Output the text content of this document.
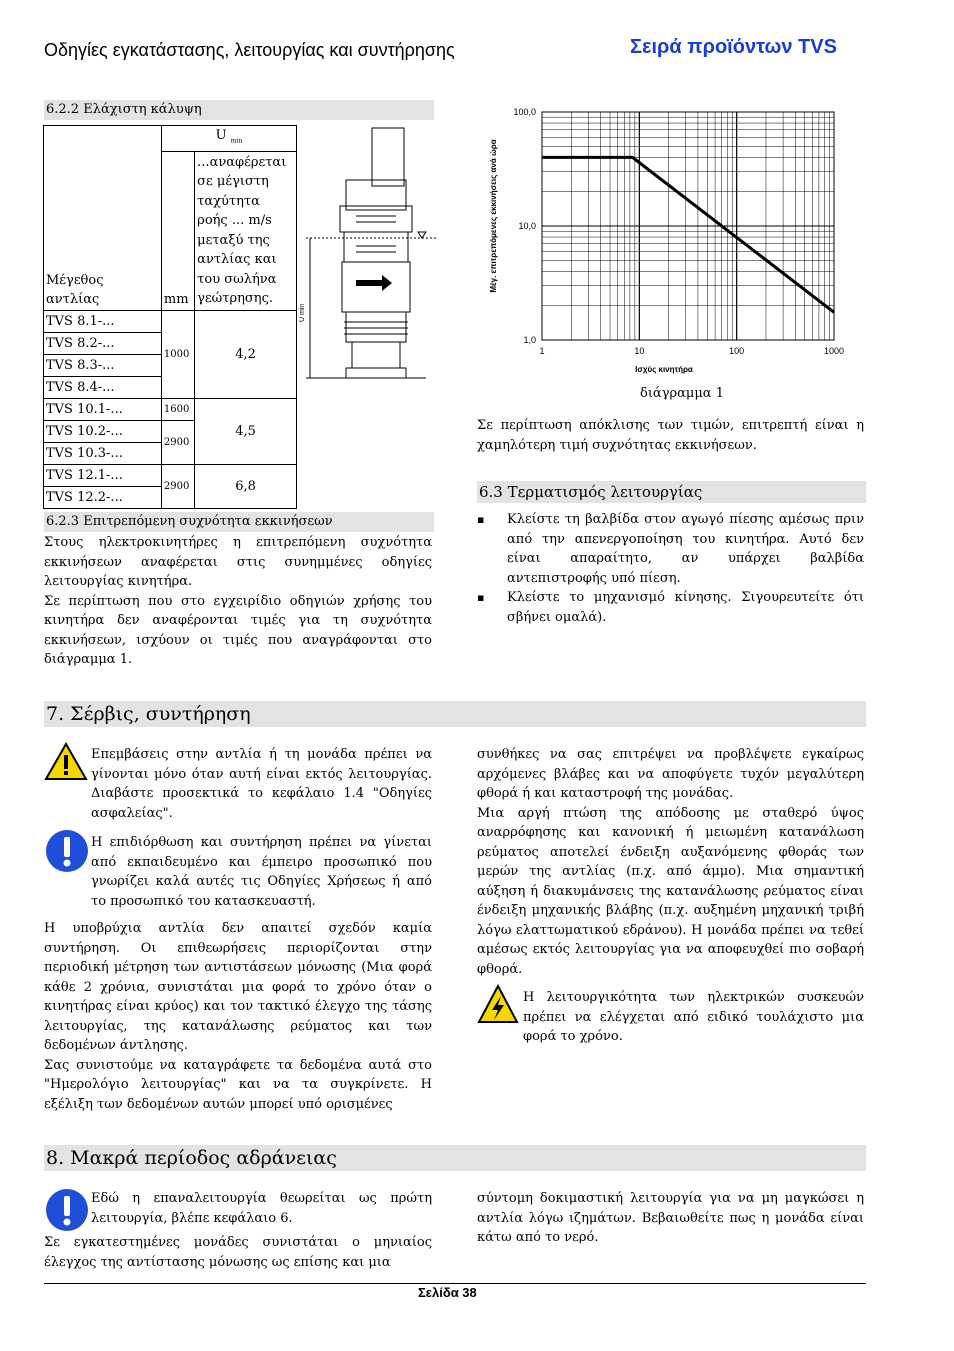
Οδηγίες εγκατάστασης, λειτουργίας και συντήρησης	Σειρά προϊόντων TVS
6.2.2 Ελάχιστη κάλυψη
Μέγεθος αντλίας	U $_{min}$
	mm	...αναφέρεται σε μέγιστη ταχύτητα ροής ... m/s μεταξύ της αντλίας και του σωλήνα γεώτρησης.
TVS 8.1-...	1000	4,2
TVS 8.2-...		
TVS 8.3-...		
TVS 8.4-...		
TVS 10.1-...	1600	4,5
TVS 10.2-...	2900	
TVS 10.3-...		
TVS 12.1-...	2900	6,8
TVS 12.2-...		
U min
1	10	100	1000
1,0
10,0
100,0
Ισχύς κινητήρα
Μέγ. επιτρεπόμενες εκκινήσεις ανά ώρα
διάγραμμα 1
Σε περίπτωση απόκλισης των τιμών, επιτρεπτή είναι η χαμηλότερη τιμή συχνότητας εκκινήσεων.
6.2.3 Επιτρεπόμενη συχνότητα εκκινήσεων

Στους ηλεκτροκινητήρες η επιτρεπόμενη συχνότητα εκκινήσεων αναφέρεται στις συνημμένες οδηγίες λειτουργίας κινητήρα.

Σε περίπτωση που στο εγχειρίδιο οδηγιών χρήσης του κινητήρα δεν αναφέρονται τιμές για τη συχνότητα εκκινήσεων, ισχύουν οι τιμές που αναγράφονται στο διάγραμμα 1.

6.3 Τερματισμός λειτουργίας
▪ Κλείστε τη βαλβίδα στον αγωγό πίεσης αμέσως πριν από την απενεργοποίηση του κινητήρα. Αυτό δεν είναι απαραίτητο, αν υπάρχει βαλβίδα αντεπιστροφής υπό πίεση.
▪ Κλείστε το μηχανισμό κίνησης. Σιγουρευτείτε ότι σβήνει ομαλά).
7. Σέρβις, συντήρηση
Επεμβάσεις στην αντλία ή τη μονάδα πρέπει να γίνονται μόνο όταν αυτή είναι εκτός λειτουργίας. Διαβάστε προσεκτικά το κεφάλαιο 1.4 "Οδηγίες ασφαλείας".
Η επιδιόρθωση και συντήρηση πρέπει να γίνεται από εκπαιδευμένο και έμπειρο προσωπικό που γνωρίζει καλά αυτές τις Οδηγίες Χρήσεως ή από το προσωπικό του κατασκευαστή.

Η υποβρύχια αντλία δεν απαιτεί σχεδόν καμία συντήρηση. Οι επιθεωρήσεις περιορίζονται στην περιοδική μέτρηση των αντιστάσεων μόνωσης (Μια φορά κάθε 2 χρόνια, συνιστάται μια φορά το χρόνο όταν ο κινητήρας είναι κρύος) και τον τακτικό έλεγχο της τάσης λειτουργίας, της κατανάλωσης ρεύματος και των δεδομένων άντλησης.

Σας συνιστούμε να καταγράφετε τα δεδομένα αυτά στο "Ημερολόγιο λειτουργίας" και να τα συγκρίνετε. Η εξέλιξη των δεδομένων αυτών μπορεί υπό ορισμένες

συνθήκες να σας επιτρέψει να προβλέψετε εγκαίρως αρχόμενες βλάβες και να αποφύγετε τυχόν μεγαλύτερη φθορά ή και καταστροφή της μονάδας.

Μια αργή πτώση της απόδοσης με σταθερό ύψος αναρρόφησης και κανονική ή μειωμένη κατανάλωση ρεύματος αποτελεί ένδειξη αυξανόμενης φθοράς των μερών της αντλίας (π.χ. από άμμο). Μια σημαντική αύξηση ή διακυμάνσεις της κατανάλωσης ρεύματος είναι ένδειξη μηχανικής βλάβης (π.χ. αυξημένη μηχανική τριβή λόγω ελαττωματικού εδράνου). Η μονάδα πρέπει να τεθεί αμέσως εκτός λειτουργίας για να αποφευχθεί πιο σοβαρή φθορά.

Η λειτουργικότητα των ηλεκτρικών συσκευών πρέπει να ελέγχεται από ειδικό τουλάχιστο μια φορά το χρόνο.
8. Μακρά περίοδος αδράνειας
Εδώ η επαναλειτουργία θεωρείται ως πρώτη λειτουργία, βλέπε κεφάλαιο 6.
Σε εγκατεστημένες μονάδες συνιστάται ο μηνιαίος έλεγχος της αντίστασης μόνωσης ως επίσης και μια
σύντομη δοκιμαστική λειτουργία για να μη μαγκώσει η αντλία λόγω ιζημάτων. Βεβαιωθείτε πως η μονάδα είναι κάτω από το νερό.
Σελίδα 38
